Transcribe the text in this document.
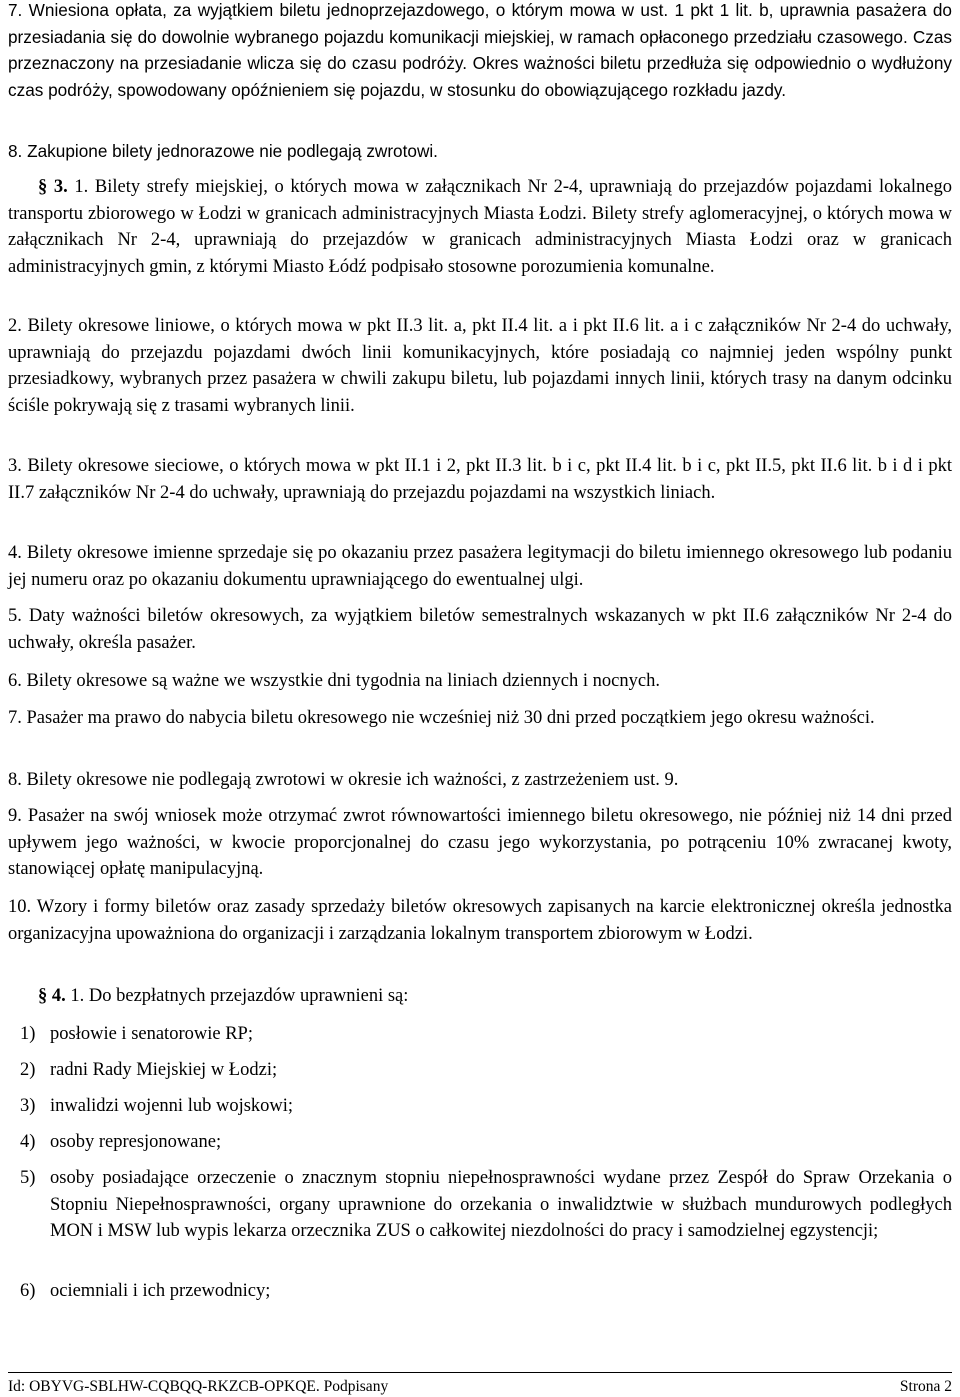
7. Wniesiona opłata, za wyjątkiem biletu jednoprzejazdowego, o którym mowa w ust. 1 pkt 1 lit. b, uprawnia pasażera do przesiadania się do dowolnie wybranego pojazdu komunikacji miejskiej, w ramach opłaconego przedziału czasowego. Czas przeznaczony na przesiadanie wlicza się do czasu podróży. Okres ważności biletu przedłuża się odpowiednio o wydłużony czas podróży, spowodowany opóźnieniem się pojazdu, w stosunku do obowiązującego rozkładu jazdy.

8. Zakupione bilety jednorazowe nie podlegają zwrotowi.

§ 3. 1. Bilety strefy miejskiej, o których mowa w załącznikach Nr 2-4, uprawniają do przejazdów pojazdami lokalnego transportu zbiorowego w Łodzi w granicach administracyjnych Miasta Łodzi. Bilety strefy aglomeracyjnej, o których mowa w załącznikach Nr 2-4, uprawniają do przejazdów w granicach administracyjnych Miasta Łodzi oraz w granicach administracyjnych gmin, z którymi Miasto Łódź podpisało stosowne porozumienia komunalne.

2. Bilety okresowe liniowe, o których mowa w pkt II.3 lit. a, pkt II.4 lit. a i pkt II.6 lit. a i c załączników Nr 2-4 do uchwały, uprawniają do przejazdu pojazdami dwóch linii komunikacyjnych, które posiadają co najmniej jeden wspólny punkt przesiadkowy, wybranych przez pasażera w chwili zakupu biletu, lub pojazdami innych linii, których trasy na danym odcinku ściśle pokrywają się z trasami wybranych linii.

3. Bilety okresowe sieciowe, o których mowa w pkt II.1 i 2, pkt II.3 lit. b i c, pkt II.4 lit. b i c, pkt II.5, pkt II.6 lit. b i d i pkt II.7 załączników Nr 2-4 do uchwały, uprawniają do przejazdu pojazdami na wszystkich liniach.

4. Bilety okresowe imienne sprzedaje się po okazaniu przez pasażera legitymacji do biletu imiennego okresowego lub podaniu jej numeru oraz po okazaniu dokumentu uprawniającego do ewentualnej ulgi.

5. Daty ważności biletów okresowych, za wyjątkiem biletów semestralnych wskazanych w pkt II.6 załączników Nr 2-4 do uchwały, określa pasażer.

6. Bilety okresowe są ważne we wszystkie dni tygodnia na liniach dziennych i nocnych.

7. Pasażer ma prawo do nabycia biletu okresowego nie wcześniej niż 30 dni przed początkiem jego okresu ważności.

8. Bilety okresowe nie podlegają zwrotowi w okresie ich ważności, z zastrzeżeniem ust. 9.

9. Pasażer na swój wniosek może otrzymać zwrot równowartości imiennego biletu okresowego, nie później niż 14 dni przed upływem jego ważności, w kwocie proporcjonalnej do czasu jego wykorzystania, po potrąceniu 10% zwracanej kwoty, stanowiącej opłatę manipulacyjną.

10. Wzory i formy biletów oraz zasady sprzedaży biletów okresowych zapisanych na karcie elektronicznej określa jednostka organizacyjna upoważniona do organizacji i zarządzania lokalnym transportem zbiorowym w Łodzi.

§ 4. 1. Do bezpłatnych przejazdów uprawnieni są:

1) posłowie i senatorowie RP;
2) radni Rady Miejskiej w Łodzi;
3) inwalidzi wojenni lub wojskowi;
4) osoby represjonowane;
5) osoby posiadające orzeczenie o znacznym stopniu niepełnosprawności wydane przez Zespół do Spraw Orzekania o Stopniu Niepełnosprawności, organy uprawnione do orzekania o inwalidztwie w służbach mundurowych podległych MON i MSW lub wypis lekarza orzecznika ZUS o całkowitej niezdolności do pracy i samodzielnej egzystencji;
6) ociemniali i ich przewodnicy;
Id: OBYVG-SBLHW-CQBQQ-RKZCB-OPKQE. Podpisany	Strona 2
